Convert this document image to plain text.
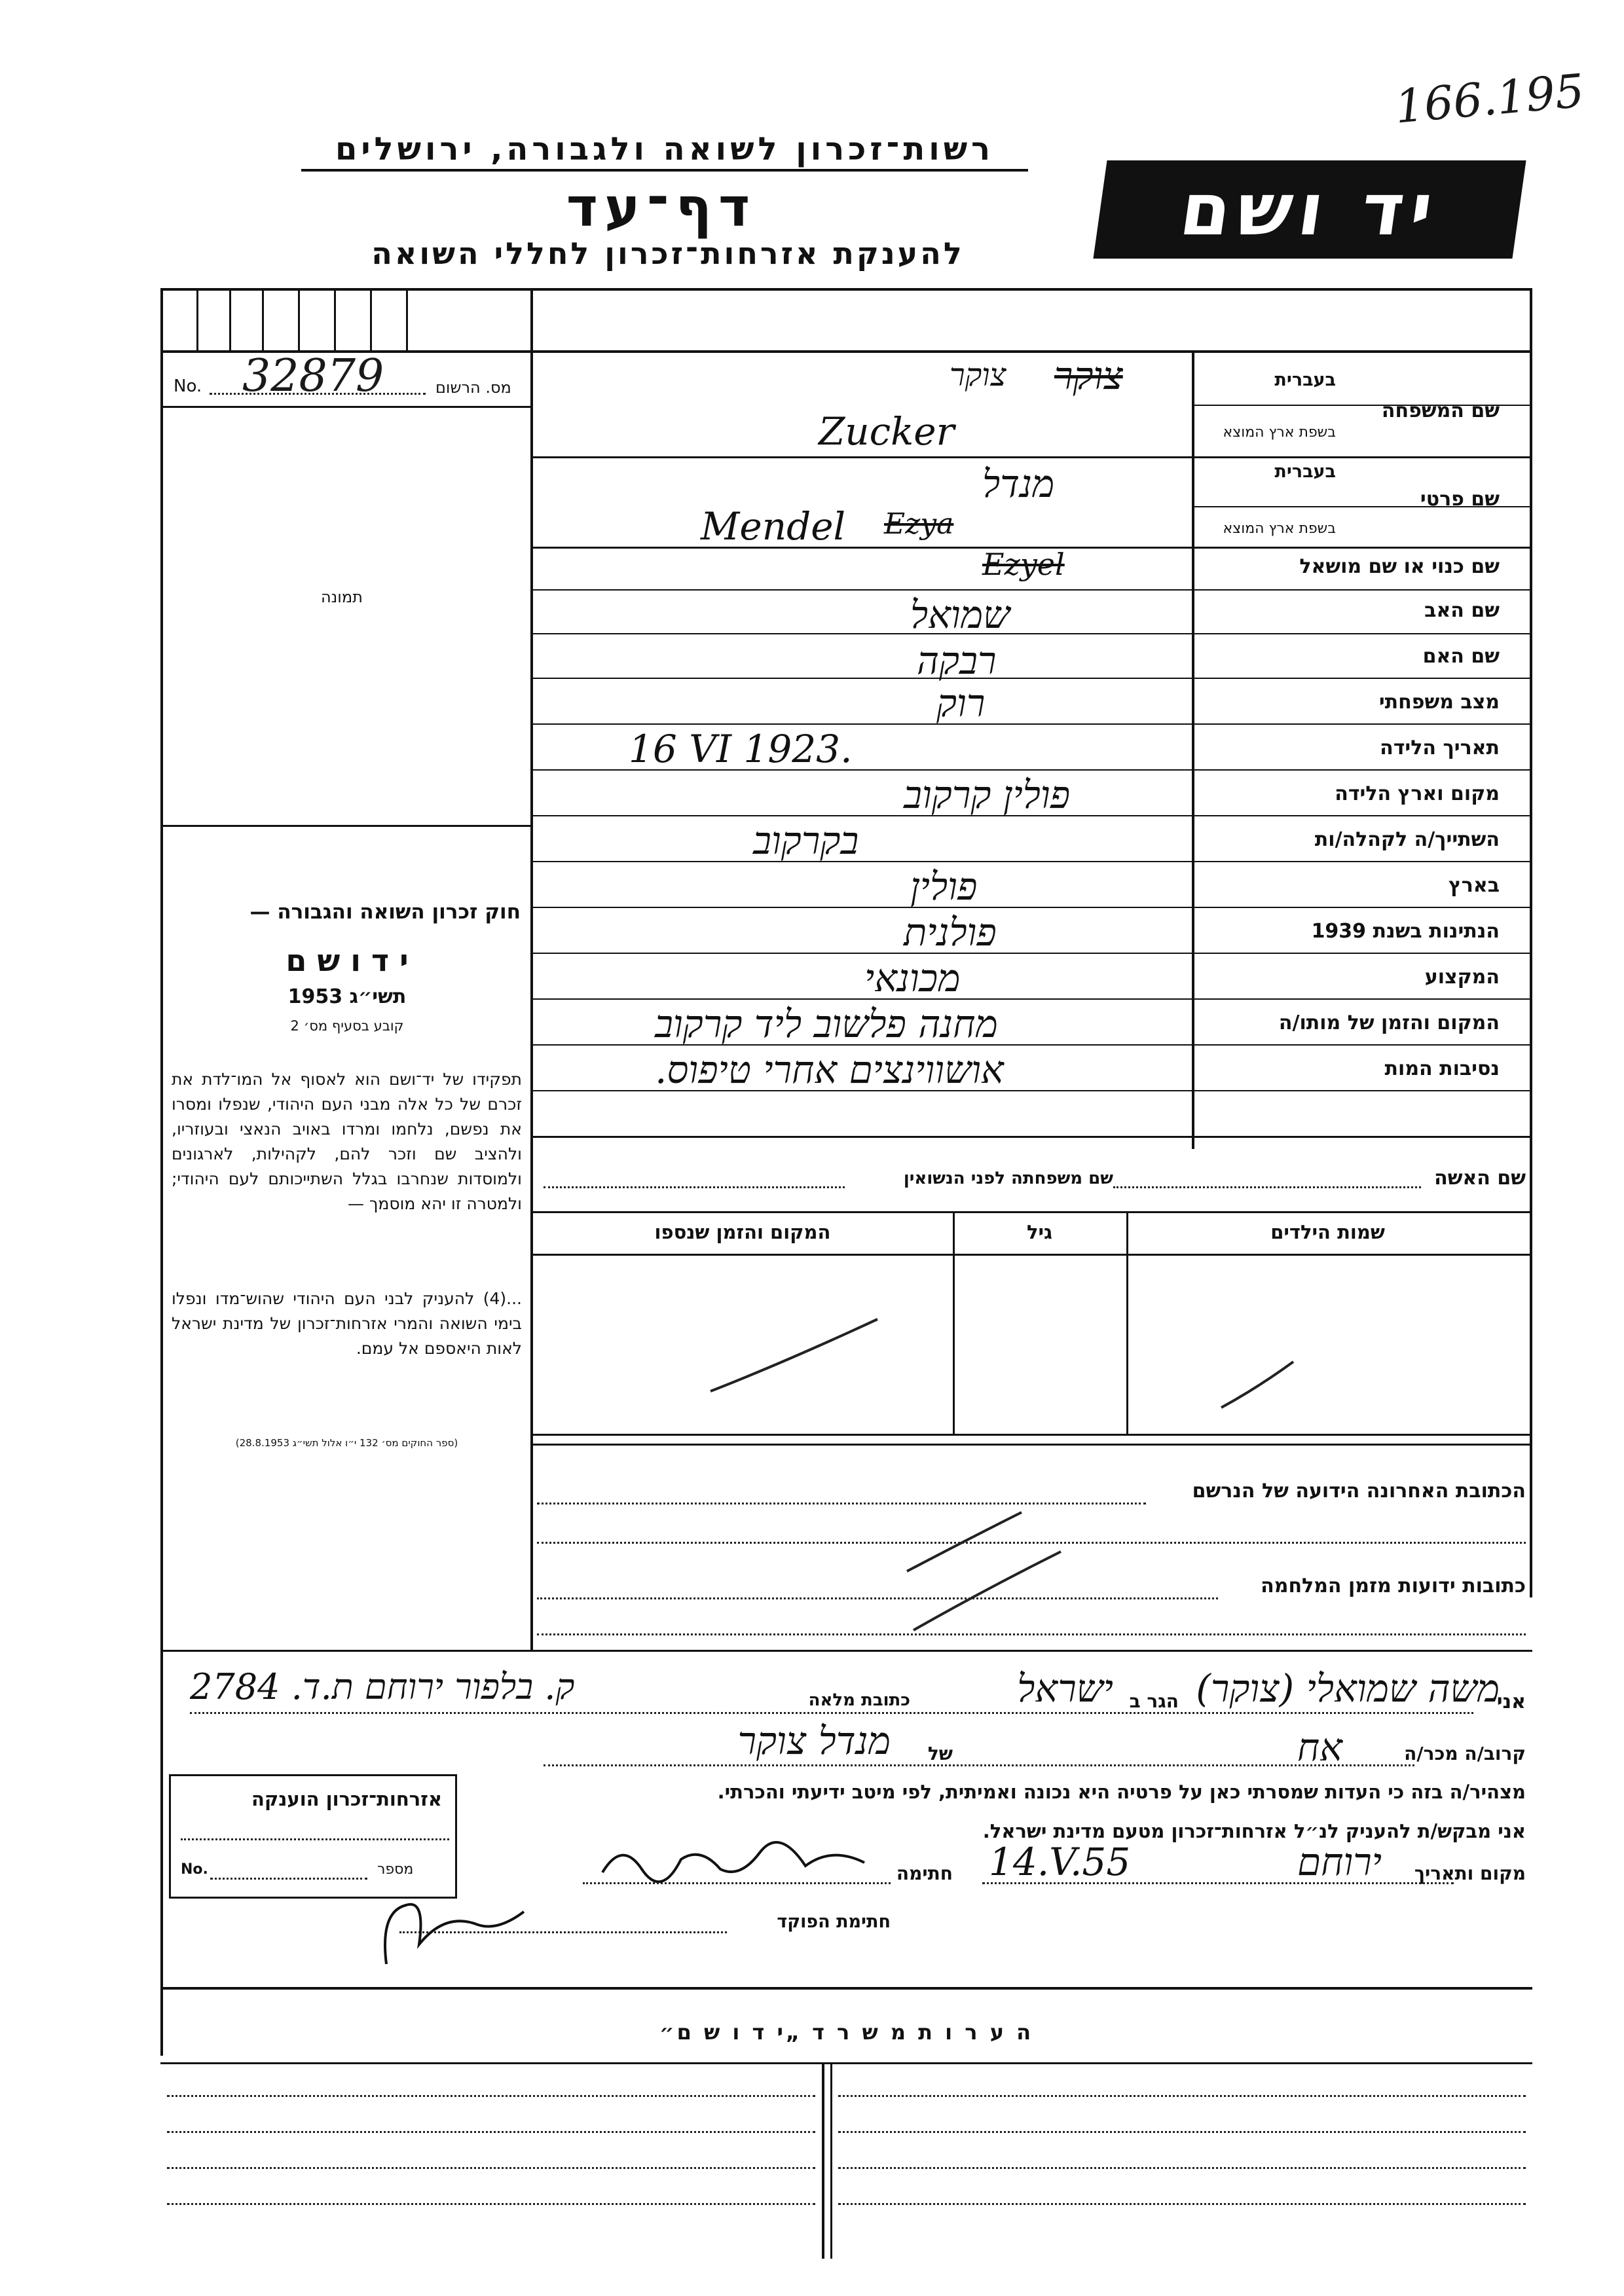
166.195
רשות־זכרון לשואה ולגבורה, ירושלים
דף־עד
להענקת אזרחות־זכרון לחללי השואה
יד ושם
No. 32879	מס. הרשום
תמונה
חוק זכרון השואה והגבורה —
י ד ו ש ם
תשי״ג 1953
קובע בסעיף מס׳ 2
תפקידו של יד־ושם הוא לאסוף אל המו־לדת את זכרם של כל אלה מבני העם היהודי, שנפלו ומסרו את נפשם, נלחמו ומרדו באויב הנאצי ובעוזריו, ולהציב שם וזכר להם, לקהילות, לארגונים ולמוסדות שנחרבו בגלל השתייכותם לעם היהודי; ולמטרה זו יהא מוסמך —
...(4) להעניק לבני העם היהודי שהוש־מדו ונפלו בימי השואה והמרי אזרחות־זכרון של מדינת ישראל לאות היאספם אל עמם.
(ספר החוקים מס׳ 132 י״ו אלול תשי״ג 28.8.1953)
שם המשפחה
בעברית
בשפת ארץ המוצא
צוקר
צוקר
Zucker
שם פרטי
בעברית
בשפת ארץ המוצא
מנדל
Mendel Ezya
שם כנוי או שם מושאל
Ezyel
שם האב
שמואל
שם האם
רבקה
מצב משפחתי
רוק
תאריך הלידה
16 VI 1923.
מקום וארץ הלידה
פולין קרקוב
השתייך/ה לקהלה/ות
בקרקוב
בארץ
פולין
הנתינות בשנת 1939
פולנית
המקצוע
מכונאי
המקום והזמן של מותו/ה
מחנה פלשוב ליד קרקוב
נסיבות המות
אושווינצים אחרי טיפוס.
שם האשה
שם משפחתה לפני הנשואין
שמות הילדים
גיל
המקום והזמן שנספו
הכתובת האחרונה הידועה של הנרשם
כתובות ידועות מזמן המלחמה
אני
משה שמואלי (צוקר)
הגר ב
ישראל
כתובת מלאה
ק. בלפור ירוחם ת.ד. 2784
קרוב/ה מכר/ה
אח
של
מנדל צוקר
מצהיר/ה בזה כי העדות שמסרתי כאן על פרטיה היא נכונה ואמיתית, לפי מיטב ידיעתי והכרתי.
אני מבקש/ת להעניק לנ״ל אזרחות־זכרון מטעם מדינת ישראל.
מקום ותאריך
ירוחם
14.V.55
חתימה
חתימת הפוקד
אזרחות־זכרון הוענקה
No.	מספר
ה ע ר ו ת מ ש ר ד „י ד ו ש ם״
